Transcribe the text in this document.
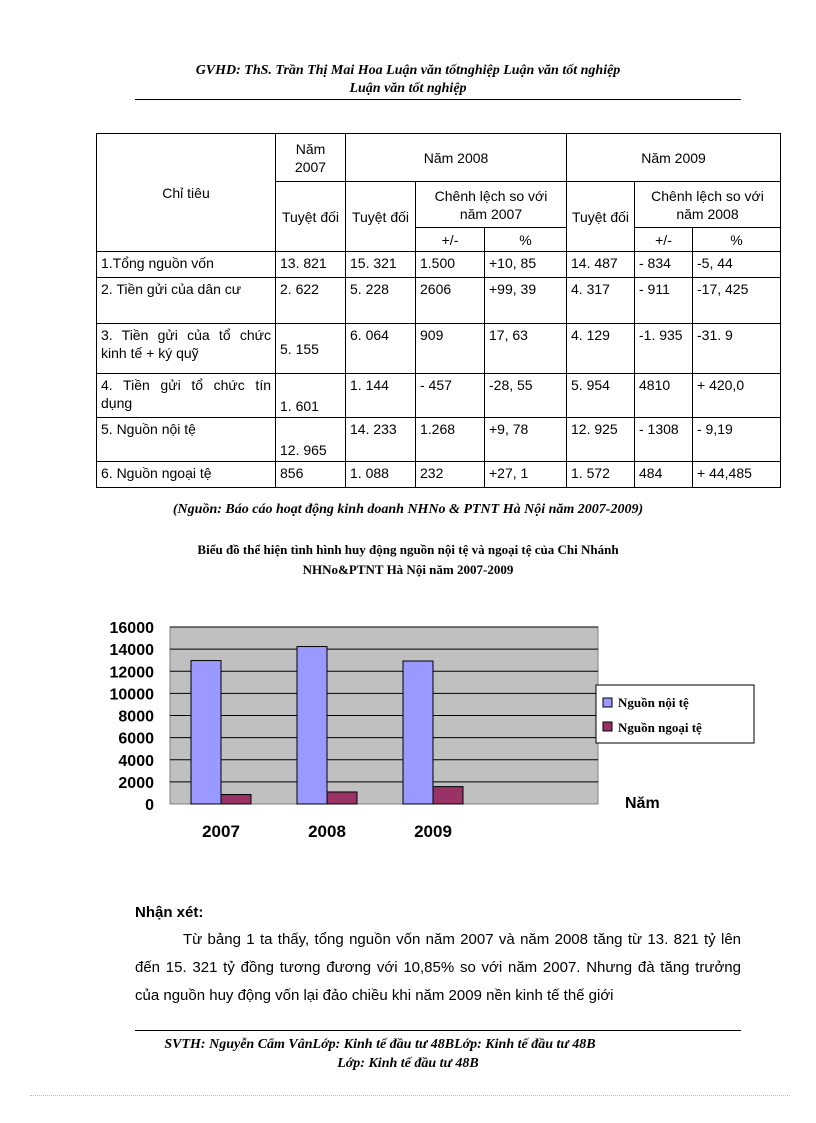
GVHD: ThS. Trần Thị Mai Hoa Luận văn tốtnghiệp Luận văn tốt nghiệp
Luận văn tốt nghiệp
Chỉ tiêu	Năm 2007	Năm 2008			Năm 2009		
	Tuyệt đối	Tuyệt đối	Chênh lệch so với năm 2007		Tuyệt đối	Chênh lệch so với năm 2008	
			+/-	%		+/-	%
1.Tổng nguồn vốn	13. 821	15. 321	1.500	+10, 85	14. 487	- 834	-5, 44
2. Tiền gửi của dân cư	2. 622	5. 228	2606	+99, 39	4. 317	- 911	-17, 425
3. Tiền gửi của tổ chức kinh tế + ký quỹ	5. 155	6. 064	909	17, 63	4. 129	-1. 935	-31. 9
4. Tiền gửi tổ chức tín dụng	1. 601	1. 144	- 457	-28, 55	5. 954	4810	+ 420,0
5. Nguồn nội tệ	12. 965	14. 233	1.268	+9, 78	12. 925	- 1308	- 9,19
6. Nguồn ngoại tệ	856	1. 088	232	+27, 1	1. 572	484	+ 44,485
(Nguồn: Báo cáo hoạt động kinh doanh NHNo & PTNT Hà Nội năm 2007-2009)
Biểu đồ thể hiện tình hình huy động nguồn nội tệ và ngoại tệ của Chi Nhánh
NHNo&PTNT Hà Nội năm 2007-2009
0
2000
4000
6000
8000
10000
12000
14000
16000
2007	2008	2009
Năm
Nguồn nội tệ
Nguồn ngoại tệ
Nhận xét:
Từ bảng 1 ta thấy, tổng nguồn vốn năm 2007 và năm 2008 tăng từ 13. 821 tỷ lên đến 15. 321 tỷ đồng tương đương với 10,85% so với năm 2007. Nhưng đà tăng trưởng của nguồn huy động vốn lại đảo chiều khi năm 2009 nền kinh tế thế giới
SVTH: Nguyễn Cẩm VânLớp: Kinh tế đầu tư 48BLớp: Kinh tế đầu tư 48B
Lớp: Kinh tế đầu tư 48B
